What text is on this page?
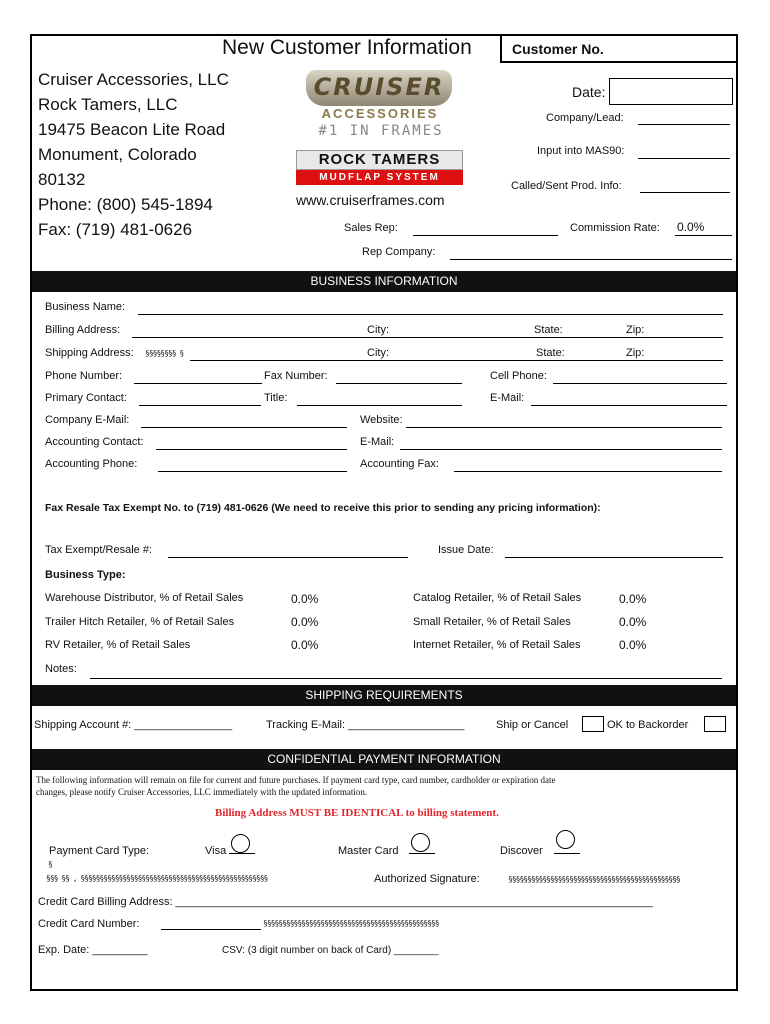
New Customer Information	Customer No.
Cruiser Accessories, LLC
Rock Tamers, LLC
19475 Beacon Lite Road
Monument, Colorado
80132
Phone: (800) 545-1894
Fax: (719) 481-0626
CRUISER
ACCESSORIES
#1 IN FRAMES
ROCK TAMERS
MUDFLAP SYSTEM
www.cruiserframes.com
Date:
Company/Lead:
Input into MAS90:
Called/Sent Prod. Info:
Sales Rep:	Commission Rate: 0.0%
Rep Company:
BUSINESS INFORMATION
Business Name:
Billing Address:	City:	State:	Zip:
Shipping Address: §§§§§§§§ §	City:	State:	Zip:
Phone Number:	Fax Number:	Cell Phone:
Primary Contact:	Title:	E-Mail:
Company E-Mail:	Website:
Accounting Contact:	E-Mail:
Accounting Phone:	Accounting Fax:
Fax Resale Tax Exempt No. to (719) 481-0626 (We need to receive this prior to sending any pricing information):
Tax Exempt/Resale #:	Issue Date:
Business Type:
Warehouse Distributor, % of Retail Sales	0.0%	Catalog Retailer, % of Retail Sales	0.0%
Trailer Hitch Retailer, % of Retail Sales	0.0%	Small Retailer, % of Retail Sales	0.0%
RV Retailer, % of Retail Sales	0.0%	Internet Retailer, % of Retail Sales	0.0%
Notes:
SHIPPING REQUIREMENTS
Shipping Account #: ________________	Tracking E-Mail: ___________________	Ship or Cancel	OK to Backorder
CONFIDENTIAL PAYMENT INFORMATION
The following information will remain on file for current and future purchases. If payment card type, card number, cardholder or expiration date
changes, please notify Cruiser Accessories, LLC immediately with the updated information.
Billing Address MUST BE IDENTICAL to billing statement.
Payment Card Type:	Visa	Master Card	Discover
§
§§§ §§ , §§§§§§§§§§§§§§§§§§§§§§§§§§§§§§§§§§§§§§§§§§§§§§§§§	Authorized Signature:	§§§§§§§§§§§§§§§§§§§§§§§§§§§§§§§§§§§§§§§§§§§§§
Credit Card Billing Address: ______________________________________________________________________________
Credit Card Number:	§§§§§§§§§§§§§§§§§§§§§§§§§§§§§§§§§§§§§§§§§§§§§§
Exp. Date: _________	CSV: (3 digit number on back of Card) ________
